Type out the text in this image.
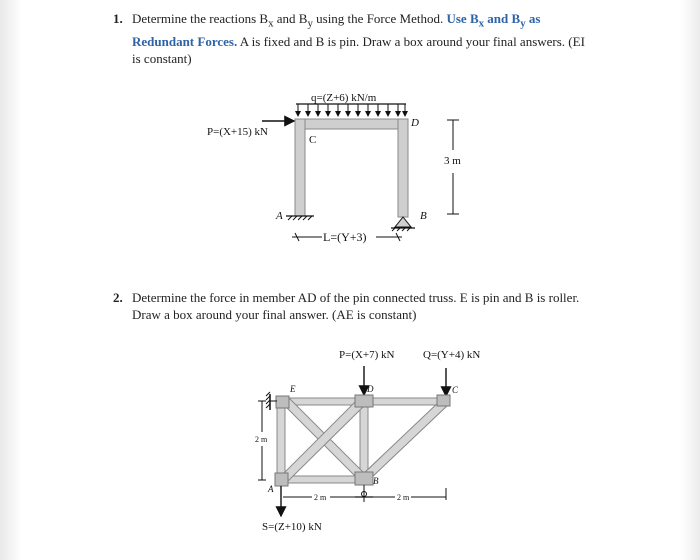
1. Determine the reactions $B_x$ and $B_y$ using the Force Method. Use $B_x$ and $B_y$ as
Redundant Forces. A is fixed and B is pin. Draw a box around your final answers. (EI
is constant)
2. Determine the force in member AD of the pin connected truss. E is pin and B is roller.
Draw a box around your final answer. (AE is constant)
q=(Z+6) kN/m
P=(X+15) kN
C
D
A	B
3 m
L=(Y+3)
P=(X+7) kN	Q=(Y+4) kN
E	D	C
A
B
S=(Z+10) kN
2 m
2 m	2 m
